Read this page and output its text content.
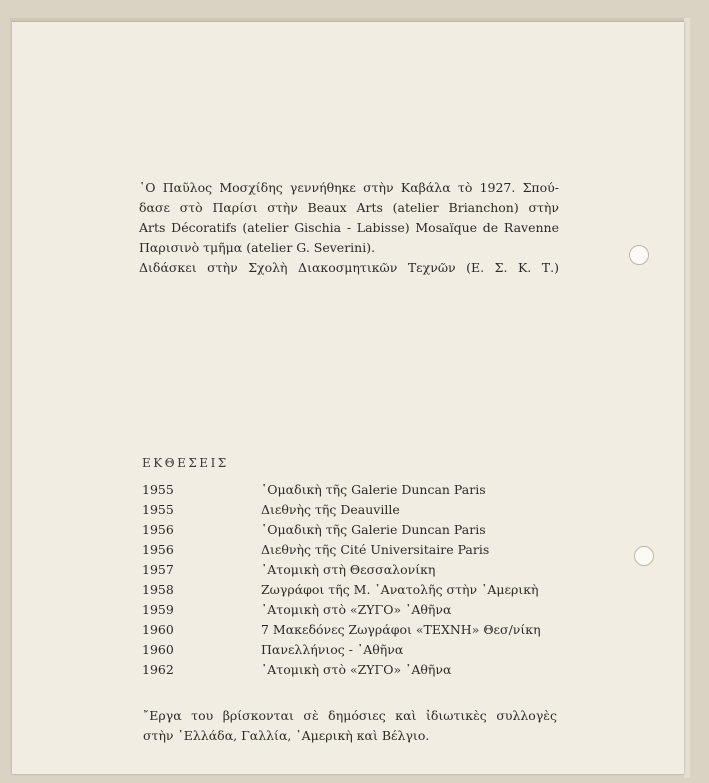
῾Ο Παῦλος Μοσχίδης γεννήθηκε στὴν Καβάλα τὸ 1927. Σπού-
δασε στὸ Παρίσι στὴν Beaux Arts (atelier Brianchon) στὴν
Arts Décoratifs (atelier Gischia - Labisse) Mosaïque de Ravenne
Παρισινὸ τμῆμα (atelier G. Severini).
Διδάσκει στὴν Σχολὴ Διακοσμητικῶν Τεχνῶν (Ε. Σ. Κ. Τ.)
ΕΚΘΕΣΕΙΣ
1955	῾Ομαδικὴ τῆς Galerie Duncan Paris
1955	Διεθνὴς τῆς Deauville
1956	῾Ομαδικὴ τῆς Galerie Duncan Paris
1956	Διεθνὴς τῆς Cité Universitaire Paris
1957	᾿Ατομικὴ στὴ Θεσσαλονίκη
1958	Ζωγράφοι τῆς Μ. ᾿Ανατολῆς στὴν ᾿Αμερικὴ
1959	᾿Ατομικὴ στὸ «ΖΥΓΟ» ᾿Αθῆνα
1960	7 Μακεδόνες Ζωγράφοι «ΤΕΧΝΗ» Θεσ/νίκη
1960	Πανελλήνιος - ᾿Αθῆνα
1962	᾿Ατομικὴ στὸ «ΖΥΓΟ» ᾿Αθῆνα
῎Εργα του βρίσκονται σὲ δημόσιες καὶ ἰδιωτικὲς συλλογὲς
στὴν ῾Ελλάδα, Γαλλία, ᾿Αμερικὴ καὶ Βέλγιο.
